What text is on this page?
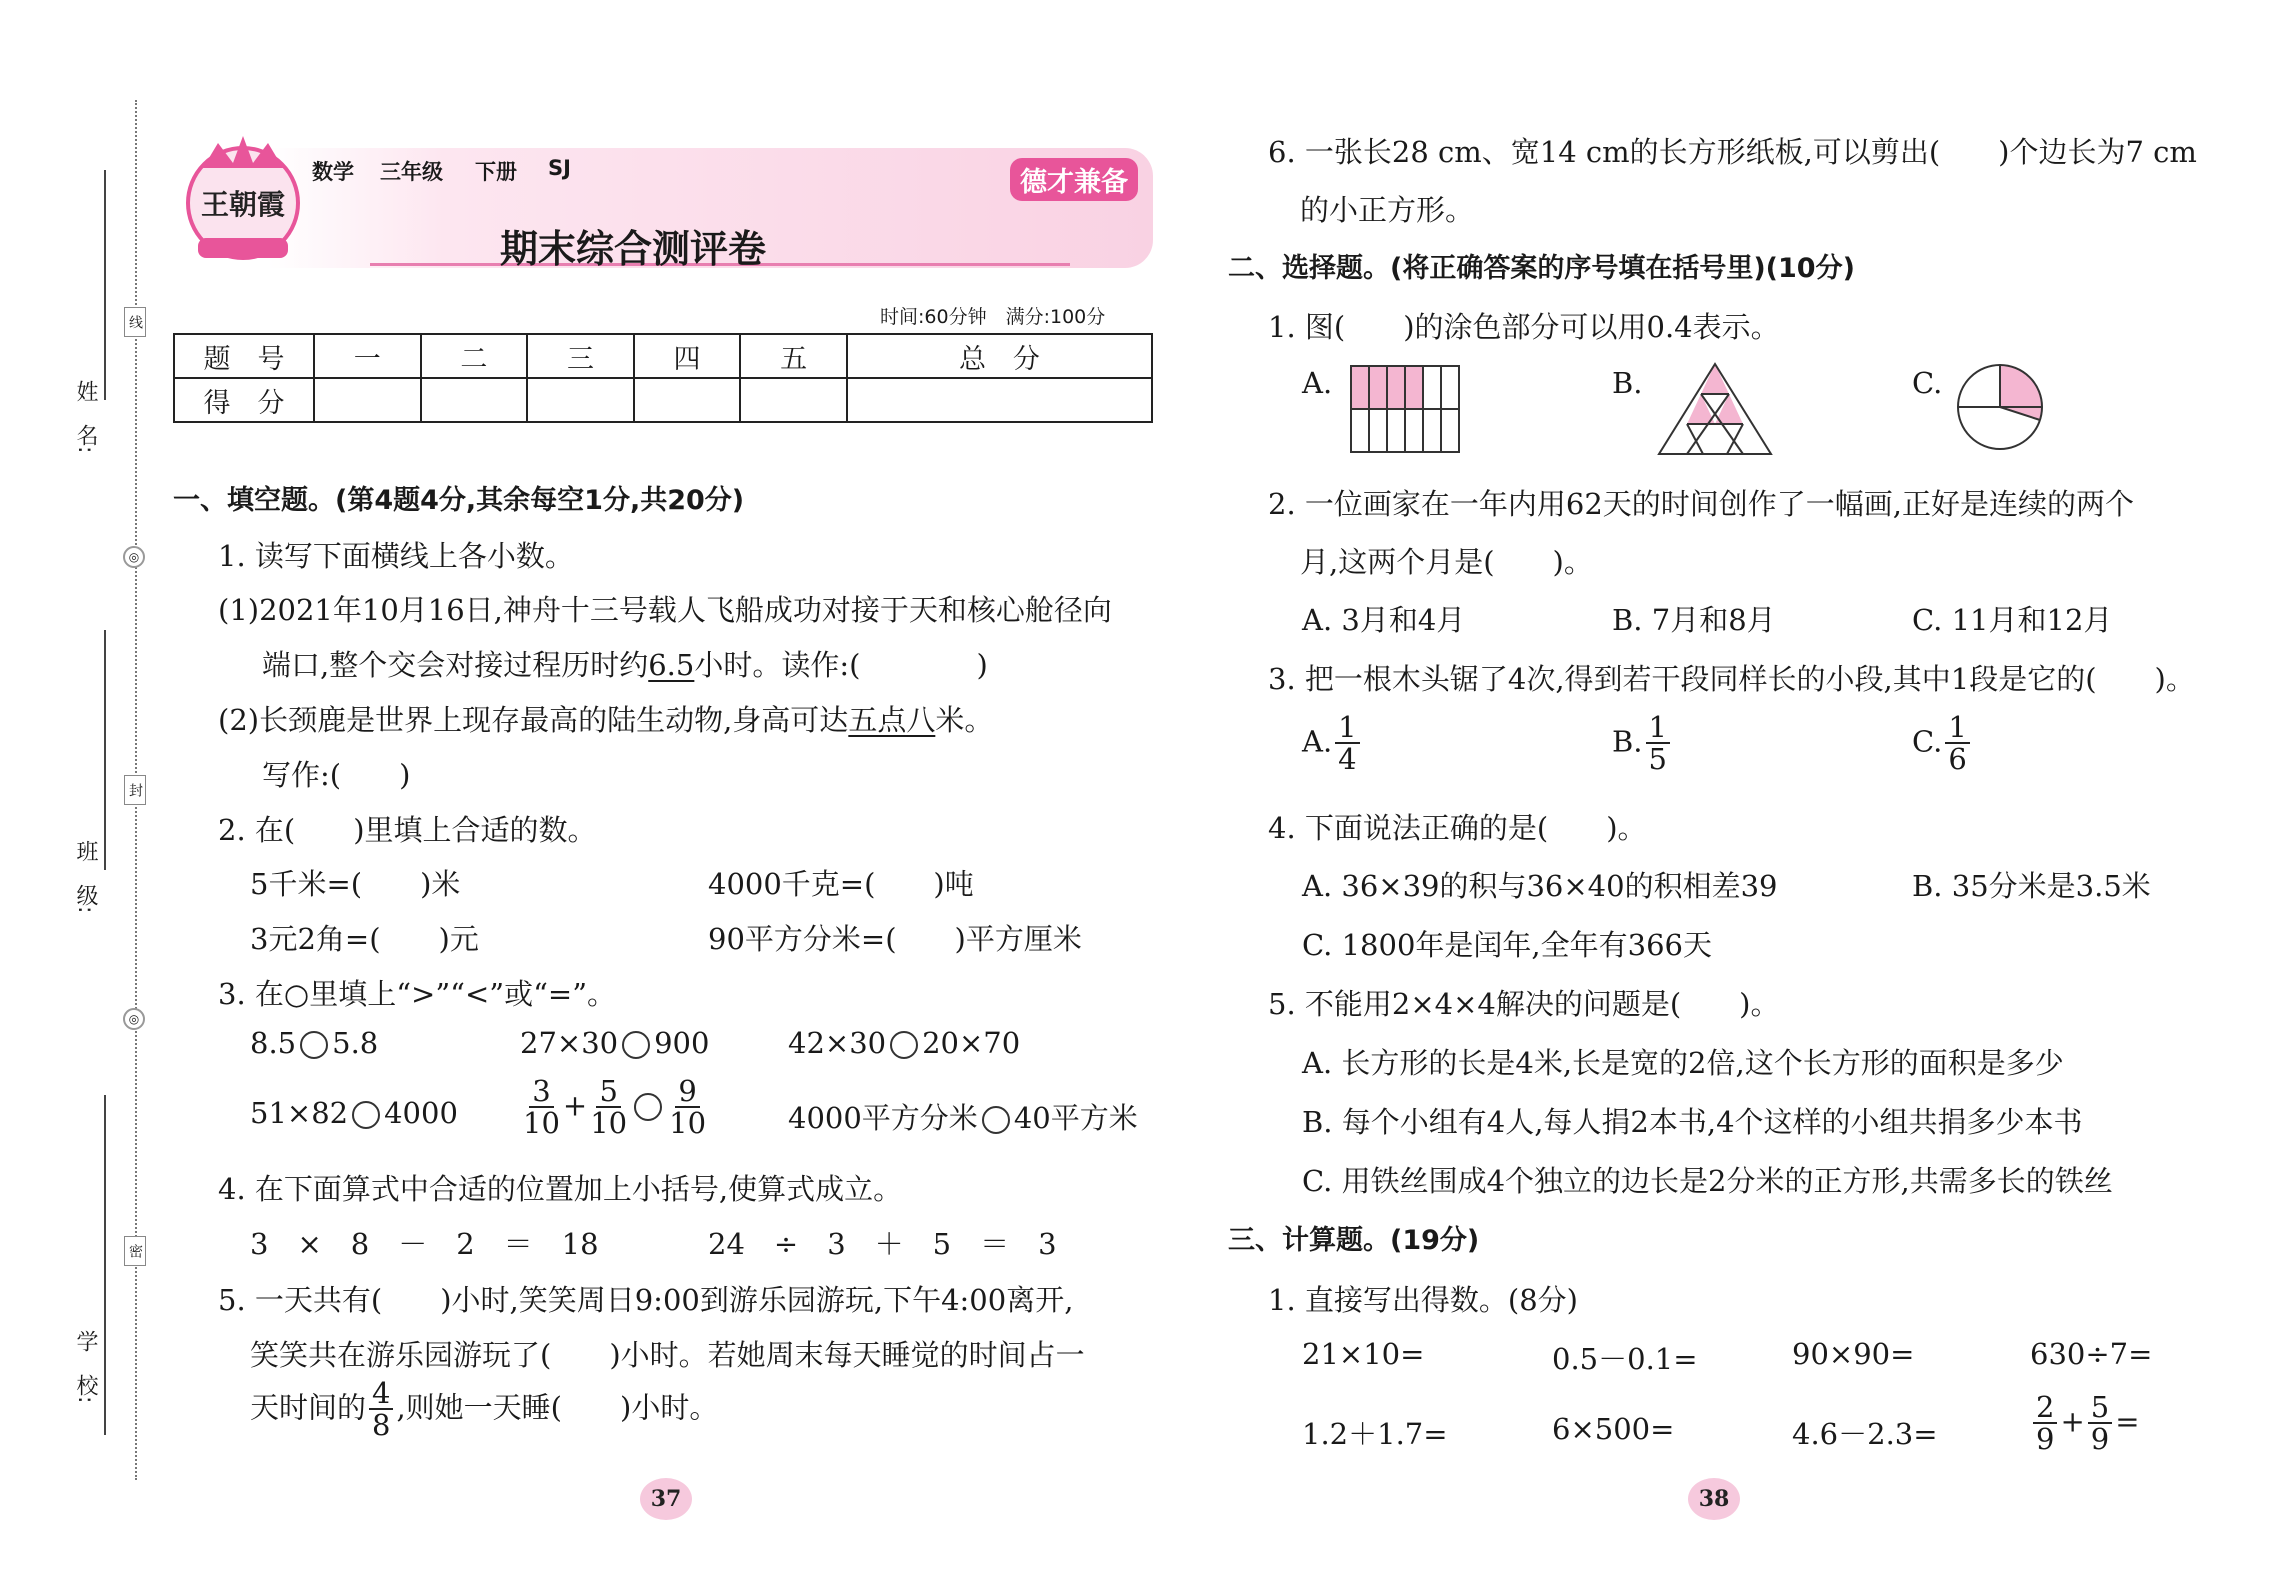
姓　名:
班　级:
学　校:
线
封
密
◎
◎
王朝霞
数学 三年级 下册 SJ	德才兼备
期末综合测评卷
时间:60分钟　满分:100分
题　号	一	二	三	四	五	总　分
得　分						
一、填空题。(第4题4分,其余每空1分,共20分)
1. 读写下面横线上各小数。
(1)2021年10月16日,神舟十三号载人飞船成功对接于天和核心舱径向
端口,整个交会对接过程历时约6.5小时。读作:(　　　　)
(2)长颈鹿是世界上现存最高的陆生动物,身高可达五点八米。
写作:(　　)
2. 在(　　)里填上合适的数。
5千米=(　　)米	4000千克=(　　)吨
3元2角=(　　)元	90平方分米=(　　)平方厘米
3. 在○里填上“>”“<”或“=”。
8.5 5.8	27×30 900	42×30 20×70
51×82 $4000 \frac{3}{10} + \frac{5}{10} \frac{9}{10}$	4000平方分米 40平方米
4. 在下面算式中合适的位置加上小括号,使算式成立。
3　×　8　－　2　＝　18	24　÷　3　＋　5　＝　3
5. 一天共有(　　)小时,笑笑周日9:00到游乐园游玩,下午4:00离开,
笑笑共在游乐园游玩了(　　)小时。若她周末每天睡觉的时间占一
天时间的 $\frac{4}{8}$ ,则她一天睡(　　)小时。
37
6. 一张长28 cm、宽14 cm的长方形纸板,可以剪出(　　)个边长为7 cm
的小正方形。
二、选择题。(将正确答案的序号填在括号里)(10分)
1. 图(　　)的涂色部分可以用0.4表示。
A.	B.	C.
2. 一位画家在一年内用62天的时间创作了一幅画,正好是连续的两个
月,这两个月是(　　)。
A. 3月和4月	B. 7月和8月	C. 11月和12月
3. 把一根木头锯了4次,得到若干段同样长的小段,其中1段是它的(　　)。
A. $\frac{1}{4}$	B. $\frac{1}{5}$	C. $\frac{1}{6}$
4. 下面说法正确的是(　　)。
A. 36×39的积与36×40的积相差39	B. 35分米是3.5米
C. 1800年是闰年,全年有366天
5. 不能用2×4×4解决的问题是(　　)。
A. 长方形的长是4米,长是宽的2倍,这个长方形的面积是多少
B. 每个小组有4人,每人捐2本书,4个这样的小组共捐多少本书
C. 用铁丝围成4个独立的边长是2分米的正方形,共需多长的铁丝
三、计算题。(19分)
1. 直接写出得数。(8分)
21×10=	0.5－0.1=	90×90=	630÷7=
1.2＋1.7=	6×500=	4.6－2.3=	$\frac{2}{9} + \frac{5}{9}$ =
38
